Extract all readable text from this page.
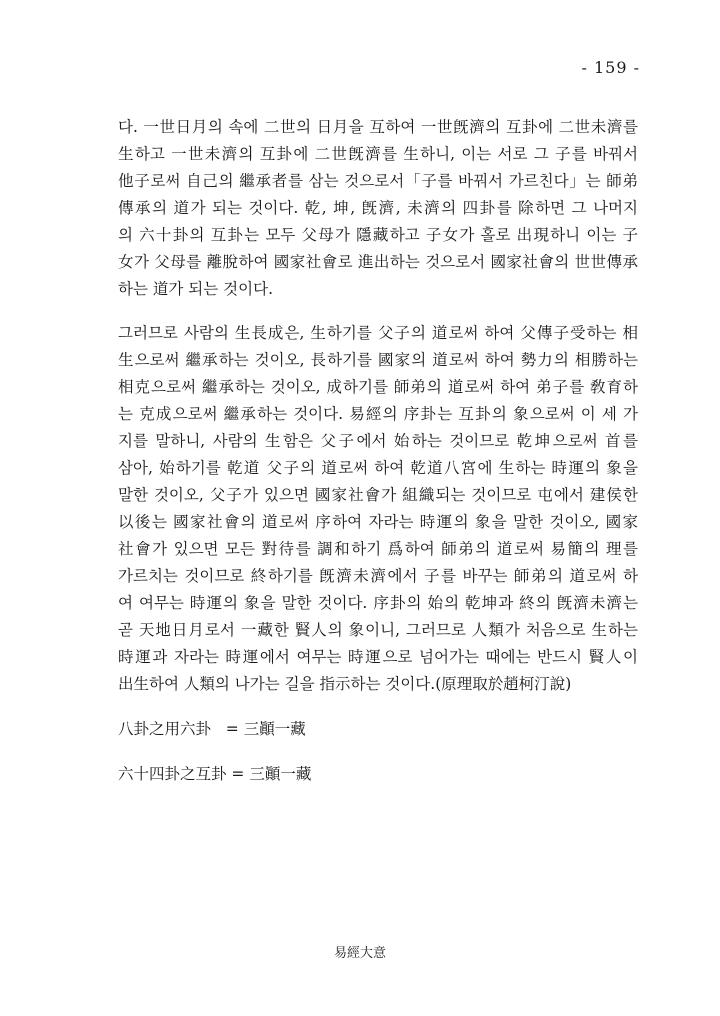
- 159 -
다. 一世日月의 속에 二世의 日月을 互하여 一世旣濟의 互卦에 二世未濟를
生하고 一世未濟의 互卦에 二世旣濟를 生하니, 이는 서로 그 子를 바꿔서
他子로써 自己의 繼承者를 삼는 것으로서「子를 바꿔서 가르친다」는 師弟
傳承의 道가 되는 것이다. 乾, 坤, 旣濟, 未濟의 四卦를 除하면 그 나머지
의 六十卦의 互卦는 모두 父母가 隱藏하고 子女가 홀로 出現하니 이는 子
女가 父母를 離脫하여 國家社會로 進出하는 것으로서 國家社會의 世世傳承
하는 道가 되는 것이다.
그러므로 사람의 生長成은, 生하기를 父子의 道로써 하여 父傳子受하는 相
生으로써 繼承하는 것이오, 長하기를 國家의 道로써 하여 勢力의 相勝하는
相克으로써 繼承하는 것이오, 成하기를 師弟의 道로써 하여 弟子를 敎育하
는 克成으로써 繼承하는 것이다. 易經의 序卦는 互卦의 象으로써 이 세 가
지를 말하니, 사람의 生함은 父子에서 始하는 것이므로 乾坤으로써 首를
삼아, 始하기를 乾道 父子의 道로써 하여 乾道八宮에 生하는 時運의 象을
말한 것이오, 父子가 있으면 國家社會가 組織되는 것이므로 屯에서 建侯한
以後는 國家社會의 道로써 序하여 자라는 時運의 象을 말한 것이오, 國家
社會가 있으면 모든 對待를 調和하기 爲하여 師弟의 道로써 易簡의 理를
가르치는 것이므로 終하기를 旣濟未濟에서 子를 바꾸는 師弟의 道로써 하
여 여무는 時運의 象을 말한 것이다. 序卦의 始의 乾坤과 終의 旣濟未濟는
곧 天地日月로서 一藏한 賢人의 象이니, 그러므로 人類가 처음으로 生하는
時運과 자라는 時運에서 여무는 時運으로 넘어가는 때에는 반드시 賢人이
出生하여 人類의 나가는 길을 指示하는 것이다.(原理取於趙柯汀說)
八卦之用六卦   = 三顚一藏
六十四卦之互卦 = 三顚一藏
易經大意
